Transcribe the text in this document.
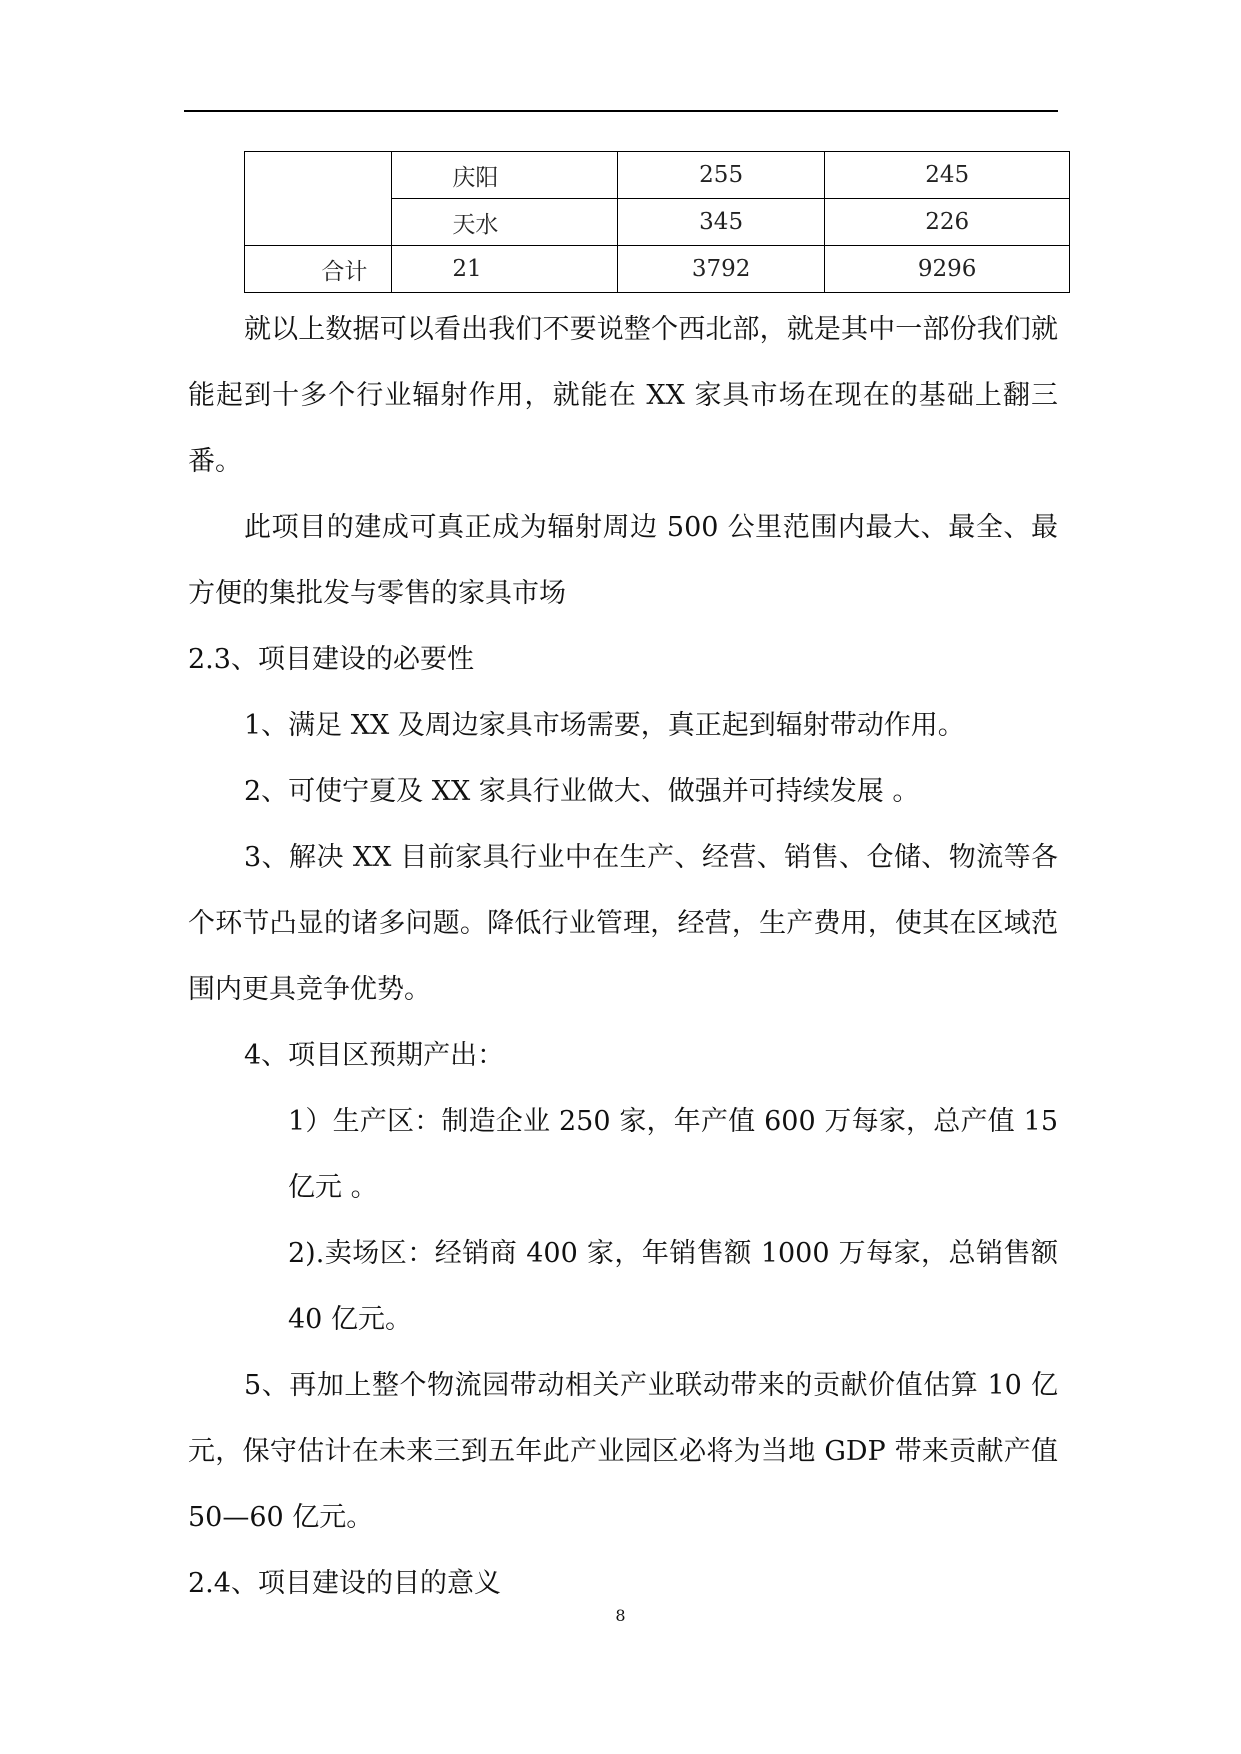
	庆阳	255	245
	天水	345	226
合计	21	3792	9296

就以上数据可以看出我们不要说整个西北部，就是其中一部份我们就能起到十多个行业辐射作用，就能在 XX 家具市场在现在的基础上翻三番。

此项目的建成可真正成为辐射周边 500 公里范围内最大、最全、最方便的集批发与零售的家具市场

2.3、项目建设的必要性

1、满足 XX 及周边家具市场需要，真正起到辐射带动作用。

2、可使宁夏及 XX 家具行业做大、做强并可持续发展 。

3、解决 XX 目前家具行业中在生产、经营、销售、仓储、物流等各个环节凸显的诸多问题。降低行业管理，经营，生产费用，使其在区域范围内更具竞争优势。

4、项目区预期产出：

1）生产区：制造企业 250 家，年产值 600 万每家，总产值 15 亿元 。

2).卖场区：经销商 400 家，年销售额 1000 万每家，总销售额 40 亿元。

5、再加上整个物流园带动相关产业联动带来的贡献价值估算 10 亿元，保守估计在未来三到五年此产业园区必将为当地 GDP 带来贡献产值 50—60 亿元。

2.4、项目建设的目的意义

8
